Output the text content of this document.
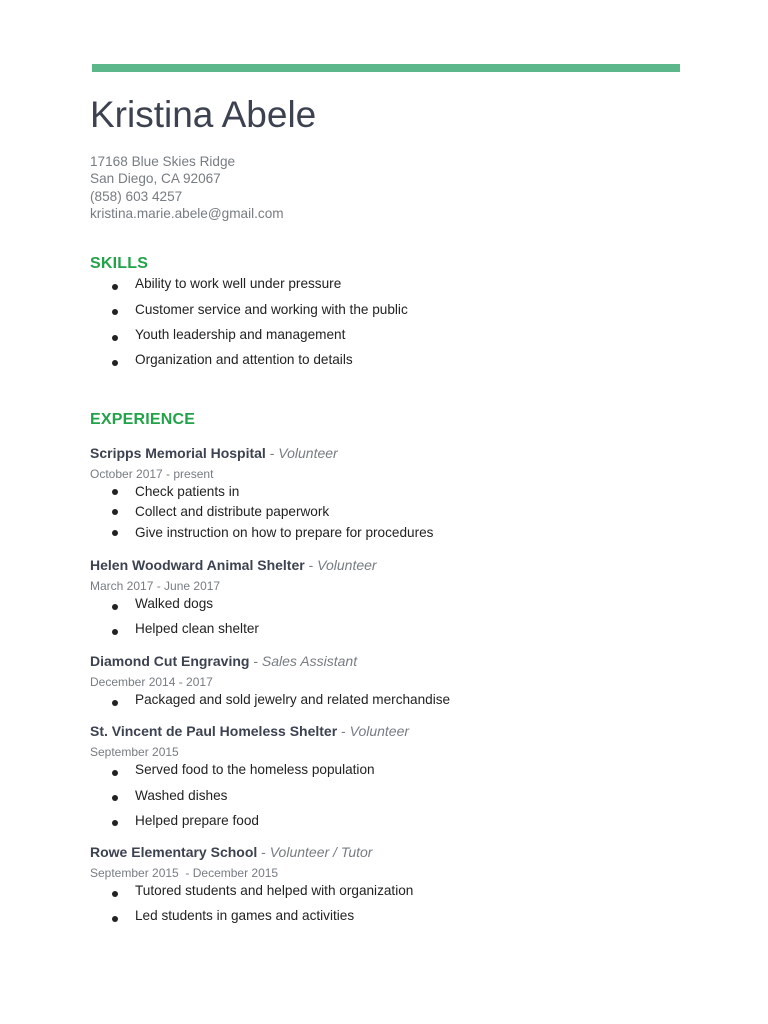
Kristina Abele
17168 Blue Skies Ridge
San Diego, CA 92067
(858) 603 4257
kristina.marie.abele@gmail.com
SKILLS
Ability to work well under pressure
Customer service and working with the public
Youth leadership and management
Organization and attention to details
EXPERIENCE
Scripps Memorial Hospital - Volunteer
October 2017 - present
Check patients in
Collect and distribute paperwork
Give instruction on how to prepare for procedures
Helen Woodward Animal Shelter - Volunteer
March 2017 - June 2017
Walked dogs
Helped clean shelter
Diamond Cut Engraving - Sales Assistant
December 2014 - 2017
Packaged and sold jewelry and related merchandise
St. Vincent de Paul Homeless Shelter - Volunteer
September 2015
Served food to the homeless population
Washed dishes
Helped prepare food
Rowe Elementary School - Volunteer / Tutor
September 2015  - December 2015
Tutored students and helped with organization
Led students in games and activities
